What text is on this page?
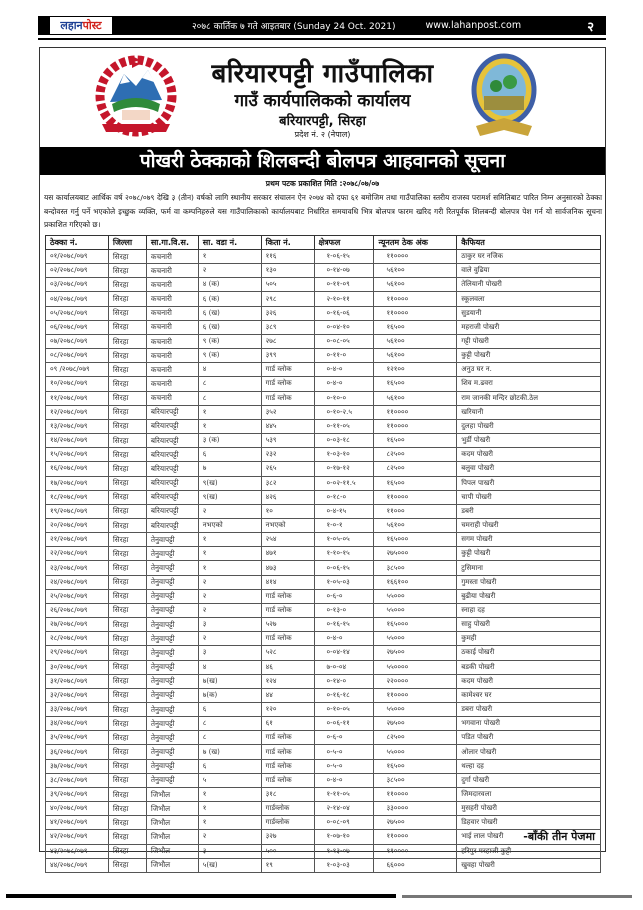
लहान पोस्ट	२०७८ कार्तिक ७ गते आइतबार (Sunday 24 Oct. 2021)	www.lahanpost.com	२
बरियारपट्टी गाउँपालिका
गाउँ कार्यपालिकको कार्यालय
बरियारपट्टी, सिरहा
प्रदेश नं. २ (नेपाल)
पोखरी ठेक्काको शिलबन्दी बोलपत्र आहवानको सूचना
प्रथम पटक प्रकाशित मिति :२०७८/०७/०७
यस कार्यालयबाट आर्थिक वर्ष २०७८/०७९ देखि ३ (तीन) वर्षको लागि स्थानीय सरकार संचालन ऐन २०७४ को दफा ६१ बमोजिम तथा गाउँपालिका स्तरीय राजस्व परामर्श समितिबाट पारित निम्न अनुसारको ठेक्का बन्दोवस्त गर्नु पर्ने भएकोले इच्छुक व्यक्ति, फर्म वा कम्पनिहरुले यस गाउँपालिकाको कार्यालयबाट निर्धारित समयावधि भित्र बोलपत्र फारम खरिद गरी रितपूर्वक शिलबन्दी बोलपत्र पेश गर्न यो सार्वजनिक सूचना प्रकाशित गरिएको छ।
ठेक्का नं.	जिल्ला	सा.गा.वि.स.	सा. वडा नं.	किता नं.	क्षेत्रफल	न्यूनतम ठेक अंक	कैफियत
०१/२०७८/०७९	सिरहा	कचनारी	१	११६	१-०६-१५	११००००	ठाकुर घर नजिक
०२/२०७८/०७९	सिरहा	कचनारी	२	१३०	०-१४-०७	५६१००	वाले वुढिया
०३/२०७८/०७९	सिरहा	कचनारी	४ (क)	५०५	०-११-०९	५६१००	तेलियानी पोखरी
०४/२०७८/०७९	सिरहा	कचनारी	६ (क)	२९८	२-१०-११	११००००	स्कूलवला
०५/२०७८/०७९	सिरहा	कचनारी	६ (ख)	३२६	०-१६-०६	११००००	सुडयानी
०६/२०७८/०७९	सिरहा	कचनारी	६ (ख)	३८९	०-०४-१०	१६५००	महराजी पोखरी
०७/२०७८/०७९	सिरहा	कचनारी	९ (क)	२७८	०-०८-०५	५६१००	गट्टी पोखरी
०८/२०७८/०७९	सिरहा	कचनारी	९ (क)	३९९	०-११-०	५६१००	कुट्टी पोखरी
०९ /२०७८/०७९	सिरहा	कचनारी	४	गार्ड व्लोक	०-४-०	१२१००	अनुउ घर न.
१०/२०७८/०७९	सिरहा	कचनारी	८	गार्ड व्लोक	०-४-०	१६५००	शिव म.ढवरा
११/२०७८/०७९	सिरहा	कचनारी	८	गार्ड व्लोक	०-१०-०	५६१००	राम जानकी मन्दिर छोटकी.ठेल
१२/२०७८/०७९	सिरहा	बरियारपट्टी	१	३५२	०-१०-२.५	११००००	खरियानी
१३/२०७८/०७९	सिरहा	बरियारपट्टी	१	४४५	०-११-०५	११००००	दुलहा पोखरी
१४/२०७८/०७९	सिरहा	बरियारपट्टी	३ (क)	५३९	०-०३-१८	१६५००	भुर्डी पोखरी
१५/२०७८/०७९	सिरहा	बरियारपट्टी	६	२३२	१-०३-१०	८२५००	कदम पोखरी
१६/२०७८/०७९	सिरहा	बरियारपट्टी	७	२६५	०-१७-१२	८२५००	बलुवा पोखरी
१७/२०७८/०७९	सिरहा	बरियारपट्टी	९(ख)	३८२	०-०२-११.५	१६५००	पिपल पाखरी
१८/२०७८/०७९	सिरहा	बरियारपट्टी	९(ख)	४२६	०-१८-०	११००००	चापी पोखरी
१९/२०७८/०७९	सिरहा	बरियारपट्टी	२	१०	०-४-१५	११०००	डबरी
२०/२०७८/०७९	सिरहा	बरियारपट्टी	नभएको	नभएको	१-०-१	५६१००	चमराही पोखरी
२१/२०७८/०७९	सिरहा	तेनुवापट्टी	१	२५४	१-०५-०५	१६५०००	सगम पोखरी
२२/२०७८/०७९	सिरहा	तेनुवापट्टी	१	४७१	१-१०-१५	२७५०००	कुट्टी पोखरी
२३/२०७८/०७९	सिरहा	तेनुवापट्टी	१	४७३	०-०६-१५	३८५००	टुसिमाना
२४/२०७८/०७९	सिरहा	तेनुवापट्टी	२	४१४	१-०५-०३	१६६१००	गुमस्ता पोखरी
२५/२०७८/०७९	सिरहा	तेनुवापट्टी	२	गार्ड व्लोक	०-६-०	५५०००	बुढीया पोखरी
२६/२०७८/०७९	सिरहा	तेनुवापट्टी	२	गार्ड व्लोक	०-१३-०	५५०००	स्नाहा दह
२७/२०७८/०७९	सिरहा	तेनुवापट्टी	३	५२७	०-१६-१५	१६५०००	साहु पोखरी
२८/२०७८/०७९	सिरहा	तेनुवापट्टी	२	गार्ड व्लोक	०-४-०	५५०००	कुमही
२९/२०७८/०७९	सिरहा	तेनुवापट्टी	३	५२८	०-०४-१४	२७५००	ठकाई पोखरी
३०/२०७८/०७९	सिरहा	तेनुवापट्टी	४	४६	७-०-०४	५५००००	बडकी पोखरी
३१/२०७८/०७९	सिरहा	तेनुवापट्टी	७(ख)	१२४	०-१४-०	२२००००	कदम पोखरी
३२/२०७८/०७९	सिरहा	तेनुवापट्टी	७(क)	४४	०-१६-१८	११००००	कामेश्वर घर
३३/२०७८/०७९	सिरहा	तेनुवापट्टी	६	१२०	०-१०-०५	५५०००	डबरा पोखरी
३४/२०७८/०७९	सिरहा	तेनुवापट्टी	८	६१	०-०६-११	२७५००	भगवाना पोखरी
३५/२०७८/०७९	सिरहा	तेनुवापट्टी	८	गार्ड व्लोक	०-६-०	८२५००	पडित पोखरी
३६/२०७८/०७९	सिरहा	तेनुवापट्टी	७ (ख)	गार्ड व्लोक	०-५-०	५५०००	ओलार पोखरी
३७/२०७८/०७९	सिरहा	तेनुवापट्टी	६	गार्ड व्लोक	०-५-०	१६५००	थल्हा दह
३८/२०७८/०७९	सिरहा	तेनुवापट्टी	५	गार्ड व्लोक	०-४-०	३८५००	दुर्गा पोखरी
३९/२०७८/०७९	सिरहा	जिभौल	१	३१८	१-११-०५	११००००	जिमदारवला
४०/२०७८/०७९	सिरहा	जिभौल	१	गार्डव्लोक	२-१४-०४	३३००००	मुसहरी पोखरी
४१/२०७८/०७९	सिरहा	जिभौल	१	गार्डव्लोक	०-०८-०९	२७५००	डिहवार पोखरी
४२/२०७८/०७९	सिरहा	जिभौल	२	३२७	१-०७-१०	११००००	भाई लाल पोखरी
४३/२०७८/०७९	सिरहा	जिभौल	३	५००	१-१३-०७	११००००	हरिपुर मरहाजी कुट्टी
४४/२०७८/०७९	सिरहा	जिभौल	५(ख)	१९	१-०३-०३	६६०००	खुवहा पोखरी
-बाँकी तीन पेजमा
